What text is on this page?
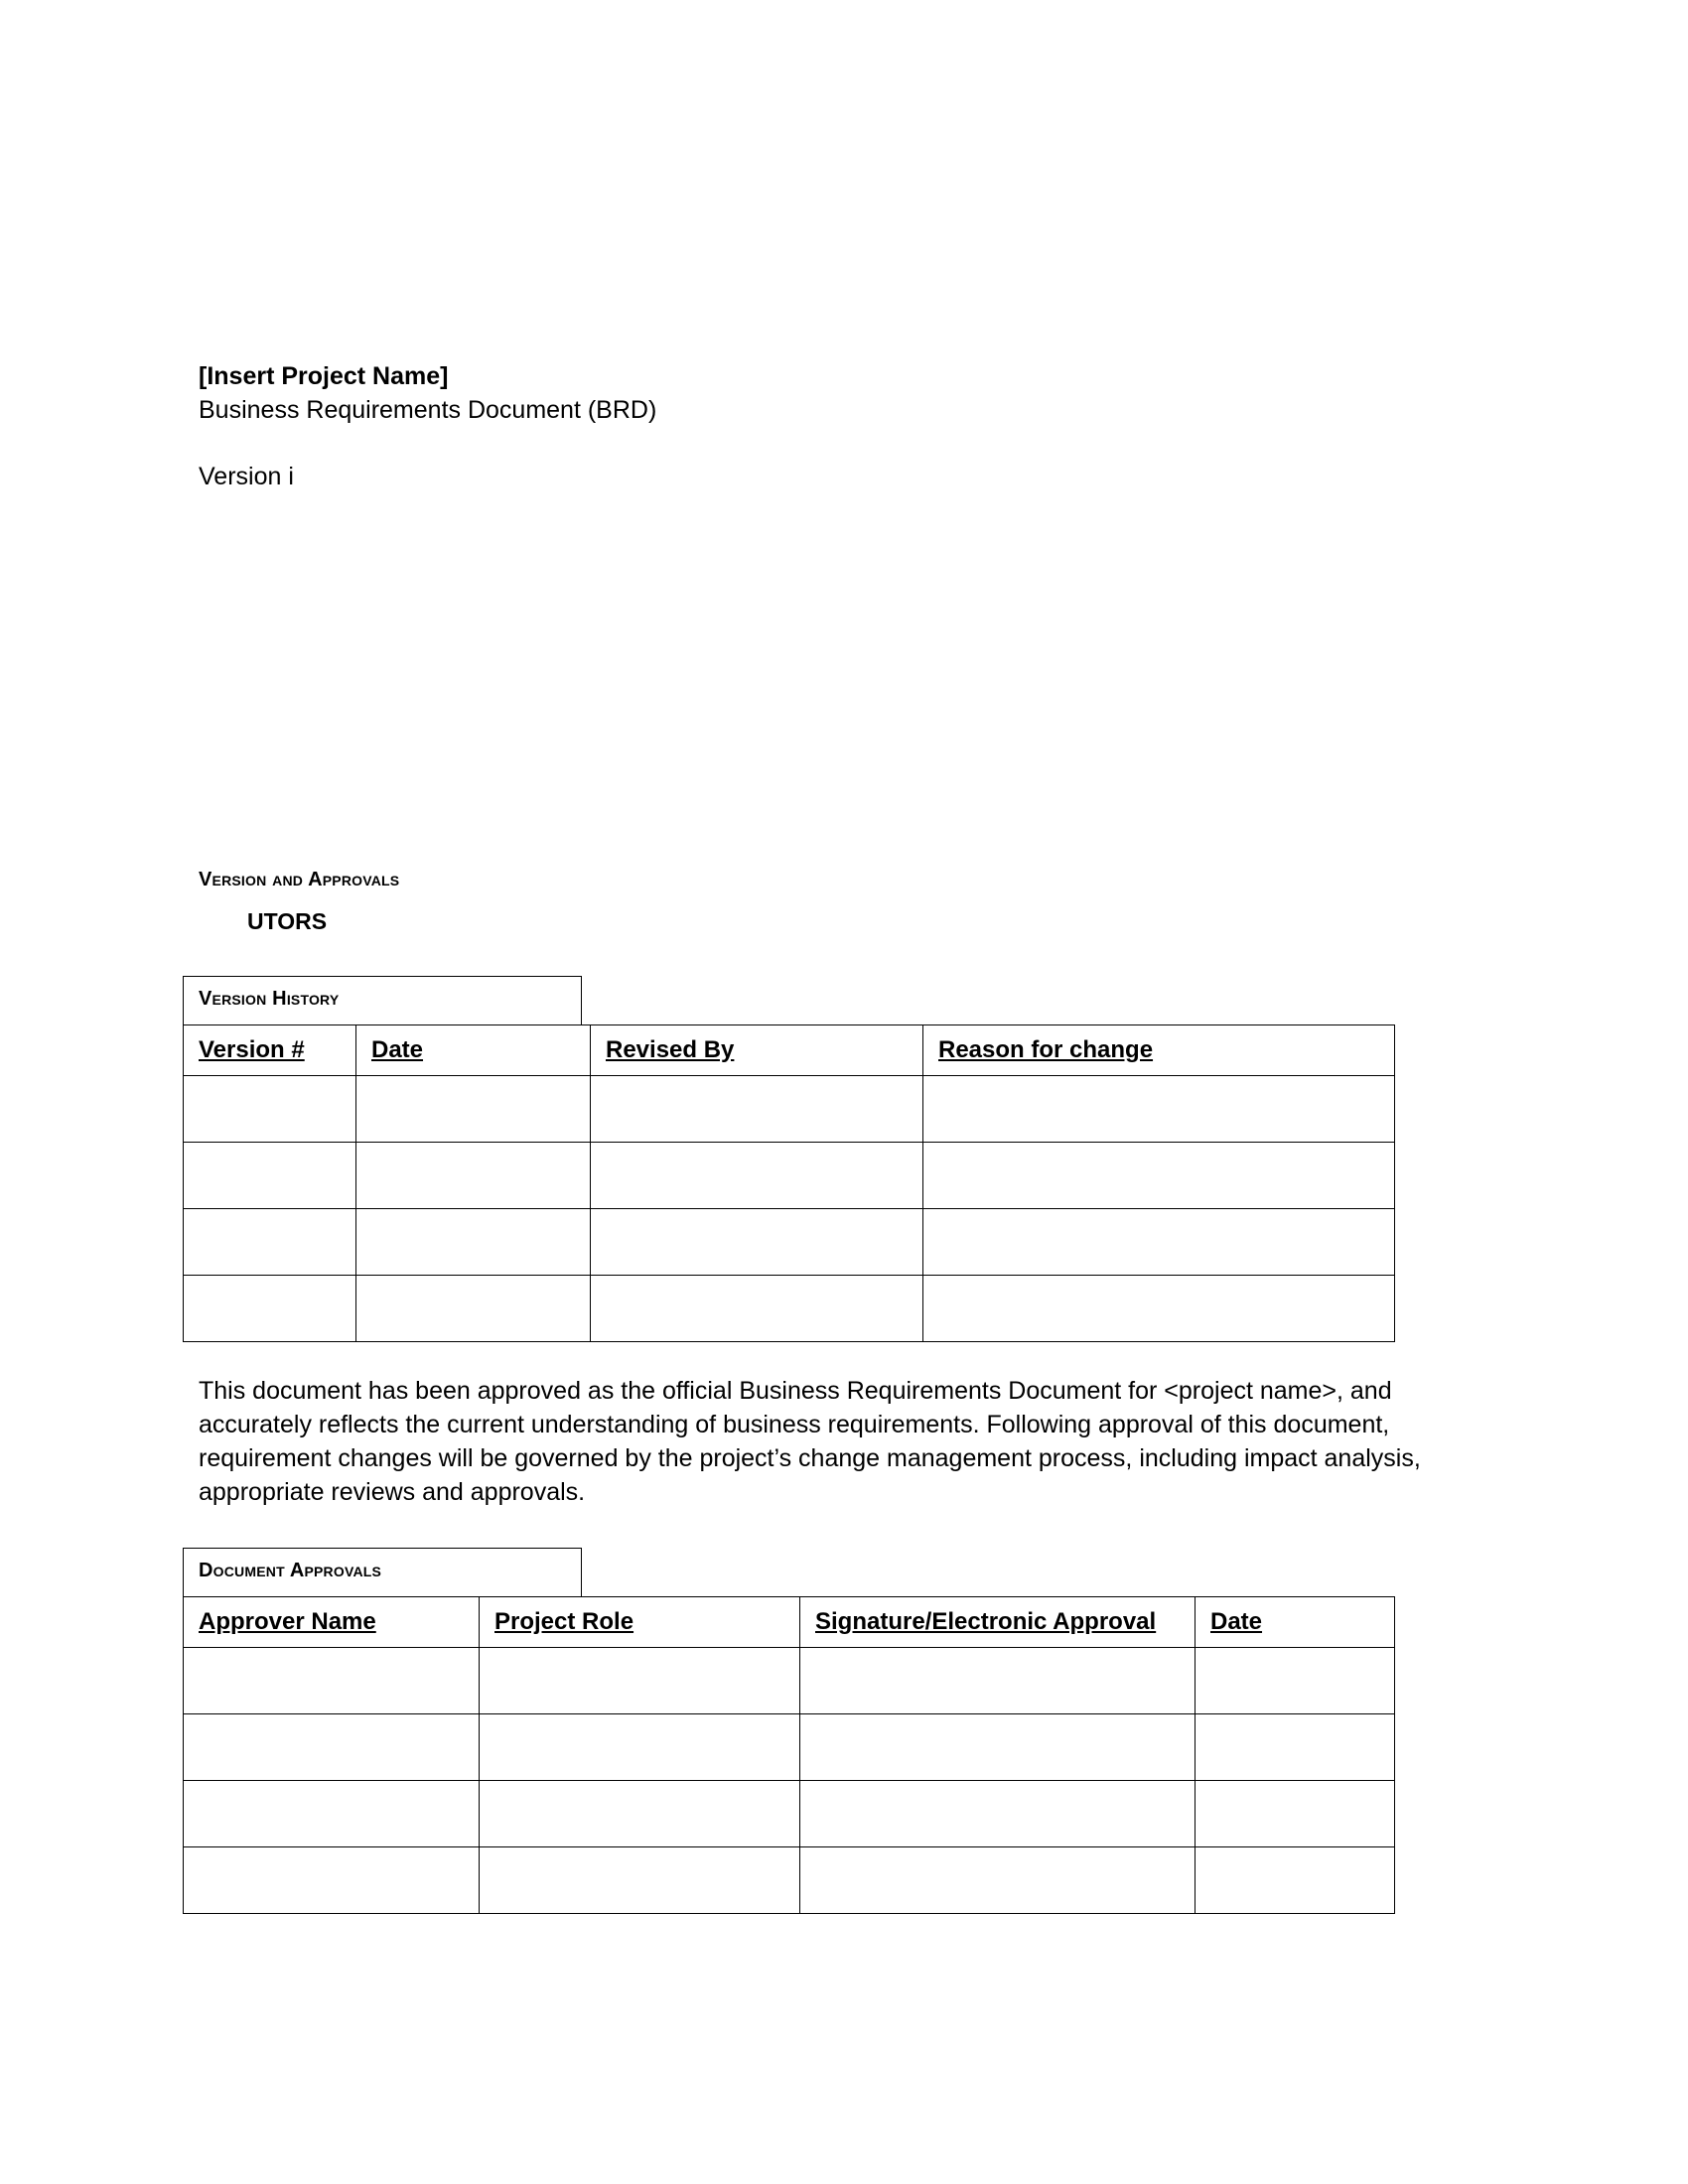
[Insert Project Name]
Business Requirements Document (BRD)
Version i
Version and Approvals
UTORS
Version History
Version #	Date	Revised By	Reason for change

This document has been approved as the official Business Requirements Document for <project name>, and
accurately reflects the current understanding of business requirements. Following approval of this document,
requirement changes will be governed by the project’s change management process, including impact analysis,
appropriate reviews and approvals.
Document Approvals
Approver Name	Project Role	Signature/Electronic Approval	Date
